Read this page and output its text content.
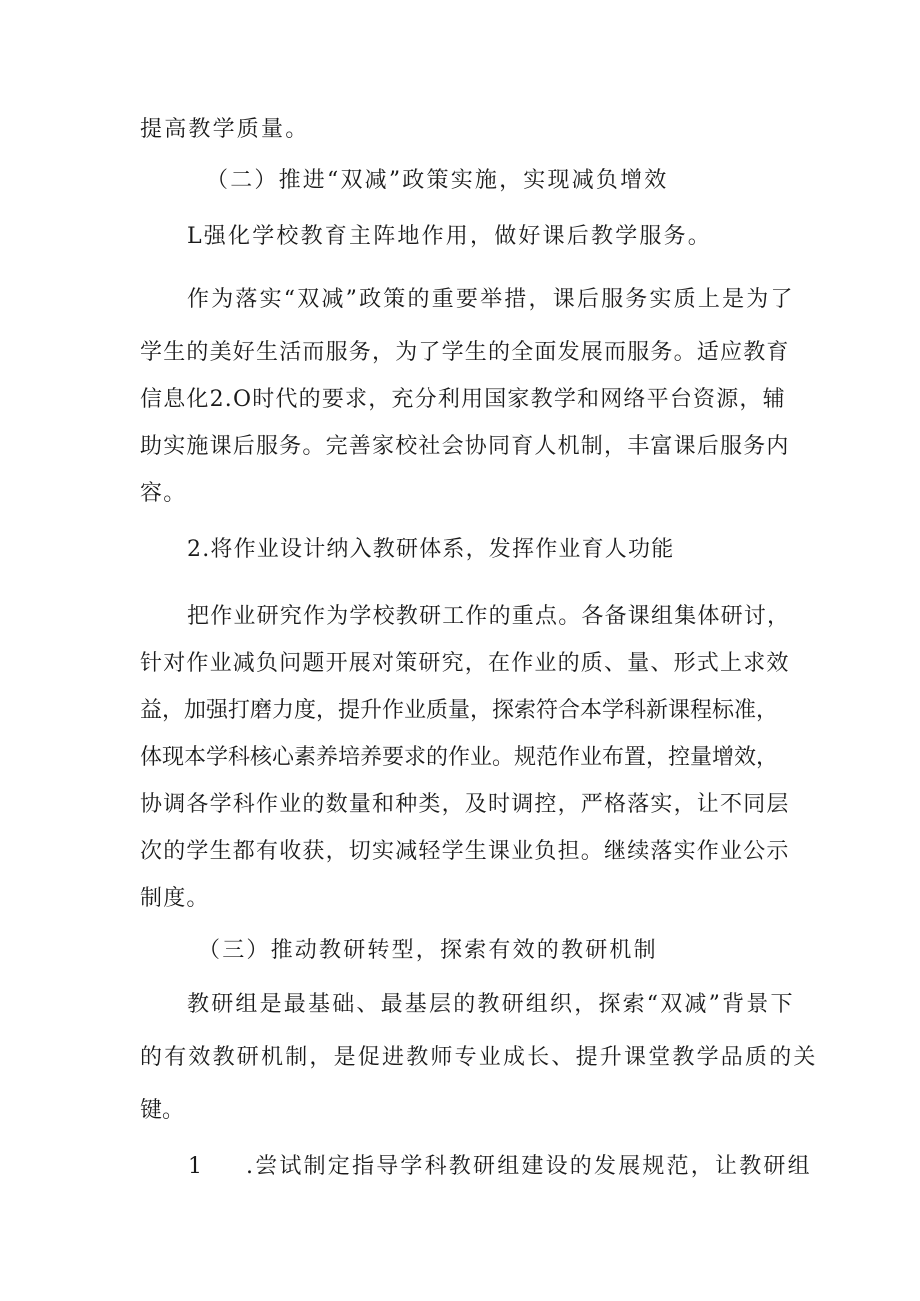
提高教学质量。

（二）推进“双减”政策实施，实现减负增效

L强化学校教育主阵地作用，做好课后教学服务。

作为落实“双减”政策的重要举措，课后服务实质上是为了

学生的美好生活而服务，为了学生的全面发展而服务。适应教育

信息化2.O时代的要求，充分利用国家教学和网络平台资源，辅

助实施课后服务。完善家校社会协同育人机制，丰富课后服务内

容。

2.将作业设计纳入教研体系，发挥作业育人功能

把作业研究作为学校教研工作的重点。各备课组集体研讨，

针对作业减负问题开展对策研究，在作业的质、量、形式上求效

益，加强打磨力度，提升作业质量，探索符合本学科新课程标准，

体现本学科核心素养培养要求的作业。规范作业布置，控量增效，

协调各学科作业的数量和种类，及时调控，严格落实，让不同层

次的学生都有收获，切实减轻学生课业负担。继续落实作业公示

制度。

（三）推动教研转型，探索有效的教研机制

教研组是最基础、最基层的教研组织，探索“双减”背景下

的有效教研机制，是促进教师专业成长、提升课堂教学品质的关

键。

1 .尝试制定指导学科教研组建设的发展规范，让教研组
